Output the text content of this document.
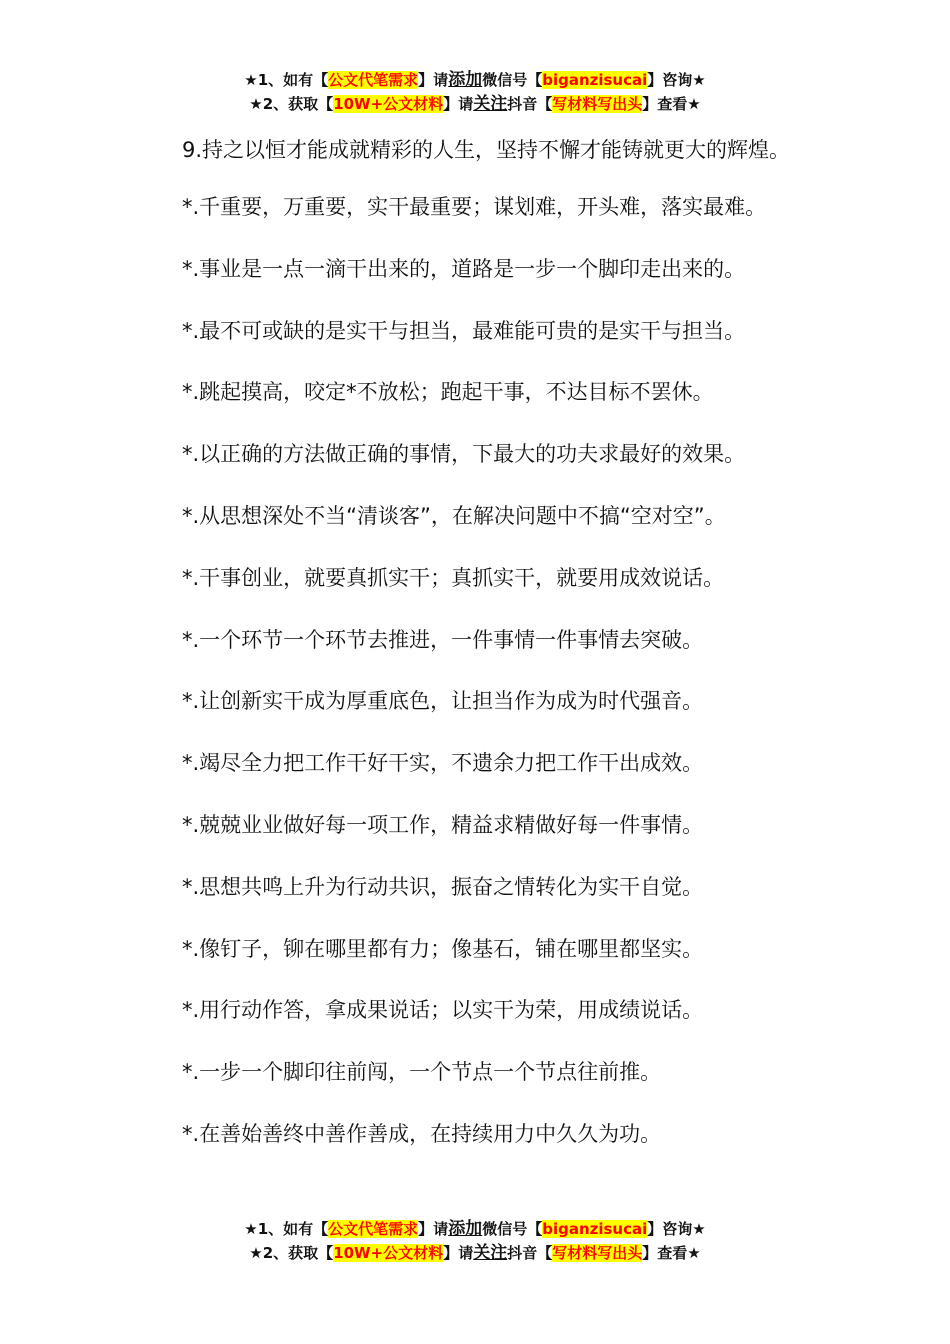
★1、如有【公文代笔需求】请添加微信号【biganzisucai】咨询★
★2、获取【10W+公文材料】请关注抖音【写材料写出头】查看★

9.持之以恒才能成就精彩的人生，坚持不懈才能铸就更大的辉煌。

*.千重要，万重要，实干最重要；谋划难，开头难，落实最难。

*.事业是一点一滴干出来的，道路是一步一个脚印走出来的。

*.最不可或缺的是实干与担当，最难能可贵的是实干与担当。

*.跳起摸高，咬定*不放松；跑起干事，不达目标不罢休。

*.以正确的方法做正确的事情，下最大的功夫求最好的效果。

*.从思想深处不当“清谈客”，在解决问题中不搞“空对空”。

*.干事创业，就要真抓实干；真抓实干，就要用成效说话。

*.一个环节一个环节去推进，一件事情一件事情去突破。

*.让创新实干成为厚重底色，让担当作为成为时代强音。

*.竭尽全力把工作干好干实，不遗余力把工作干出成效。

*.兢兢业业做好每一项工作，精益求精做好每一件事情。

*.思想共鸣上升为行动共识，振奋之情转化为实干自觉。

*.像钉子，铆在哪里都有力；像基石，铺在哪里都坚实。

*.用行动作答，拿成果说话；以实干为荣，用成绩说话。

*.一步一个脚印往前闯，一个节点一个节点往前推。

*.在善始善终中善作善成，在持续用力中久久为功。

★1、如有【公文代笔需求】请添加微信号【biganzisucai】咨询★
★2、获取【10W+公文材料】请关注抖音【写材料写出头】查看★
